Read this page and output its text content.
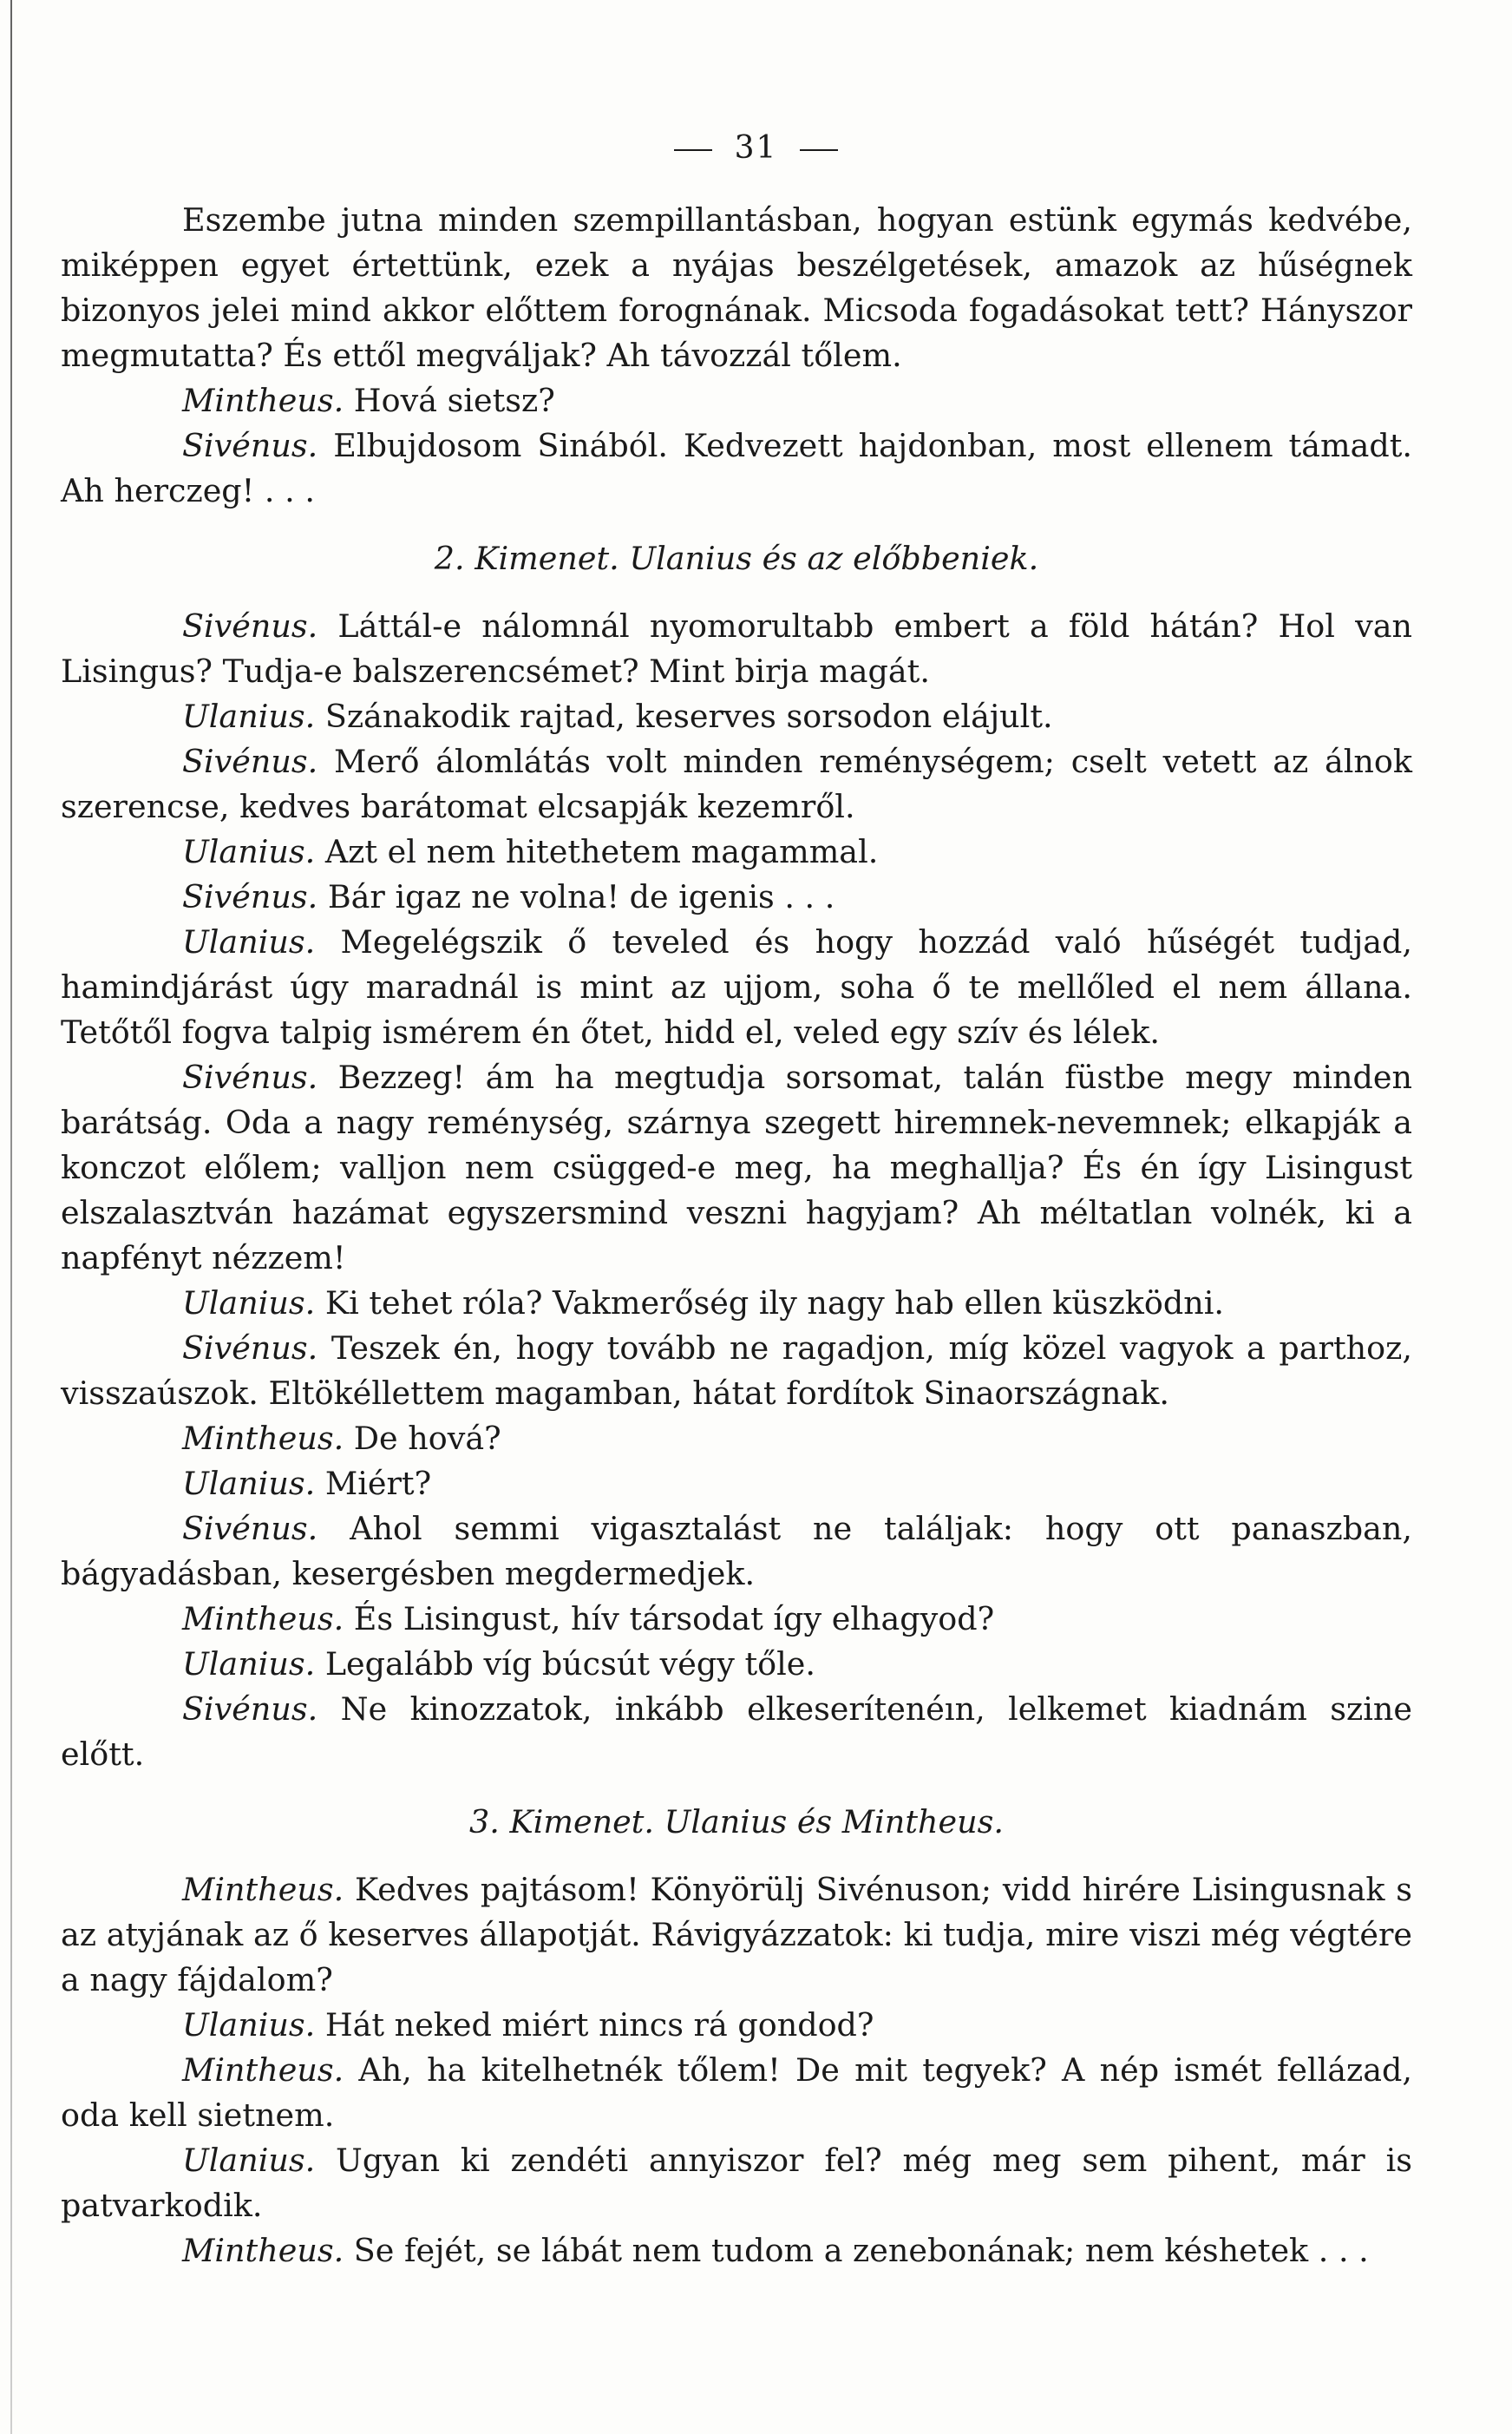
31

Eszembe jutna minden szempillantásban, hogyan estünk egymás kedvébe, miképpen egyet értettünk, ezek a nyájas beszélgetések, amazok az hűségnek bizonyos jelei mind akkor előttem forognának. Micsoda fogadásokat tett? Hányszor megmutatta? És ettől megváljak? Ah távozzál tőlem.

Mintheus. Hová sietsz?

Sivénus. Elbujdosom Sinából. Kedvezett hajdonban, most ellenem támadt. Ah herczeg! . . .

2. Kimenet. Ulanius és az előbbeniek.

Sivénus. Láttál-e nálomnál nyomorultabb embert a föld hátán? Hol van Lisingus? Tudja-e balszerencsémet? Mint birja magát.

Ulanius. Szánakodik rajtad, keserves sorsodon elájult.

Sivénus. Merő álomlátás volt minden reménységem; cselt vetett az álnok szerencse, kedves barátomat elcsapják kezemről.

Ulanius. Azt el nem hitethetem magammal.

Sivénus. Bár igaz ne volna! de igenis . . .

Ulanius. Megelégszik ő teveled és hogy hozzád való hűségét tudjad, hamindjárást úgy maradnál is mint az ujjom, soha ő te mellőled el nem állana. Tetőtől fogva talpig ismérem én őtet, hidd el, veled egy szív és lélek.

Sivénus. Bezzeg! ám ha megtudja sorsomat, talán füstbe megy minden barátság. Oda a nagy reménység, szárnya szegett hiremnek-nevemnek; elkapják a konczot előlem; valljon nem csügged-e meg, ha meghallja? És én így Lisingust elszalasztván hazámat egyszersmind veszni hagyjam? Ah méltatlan volnék, ki a napfényt nézzem!

Ulanius. Ki tehet róla? Vakmerőség ily nagy hab ellen küszködni.

Sivénus. Teszek én, hogy tovább ne ragadjon, míg közel vagyok a parthoz, visszaúszok. Eltökéllettem magamban, hátat fordítok Sinaországnak.

Mintheus. De hová?

Ulanius. Miért?

Sivénus. Ahol semmi vigasztalást ne találjak: hogy ott panaszban, bágyadásban, kesergésben megdermedjek.

Mintheus. És Lisingust, hív társodat így elhagyod?

Ulanius. Legalább víg búcsút végy tőle.

Sivénus. Ne kinozzatok, inkább elkeserítenéın, lelkemet kiadnám szine előtt.

3. Kimenet. Ulanius és Mintheus.

Mintheus. Kedves pajtásom! Könyörülj Sivénuson; vidd hirére Lisingusnak s az atyjának az ő keserves állapotját. Rávigyázzatok: ki tudja, mire viszi még végtére a nagy fájdalom?

Ulanius. Hát neked miért nincs rá gondod?

Mintheus. Ah, ha kitelhetnék tőlem! De mit tegyek? A nép ismét fellázad, oda kell sietnem.

Ulanius. Ugyan ki zendéti annyiszor fel? még meg sem pihent, már is patvarkodik.

Mintheus. Se fejét, se lábát nem tudom a zenebonának; nem késhetek . . .
